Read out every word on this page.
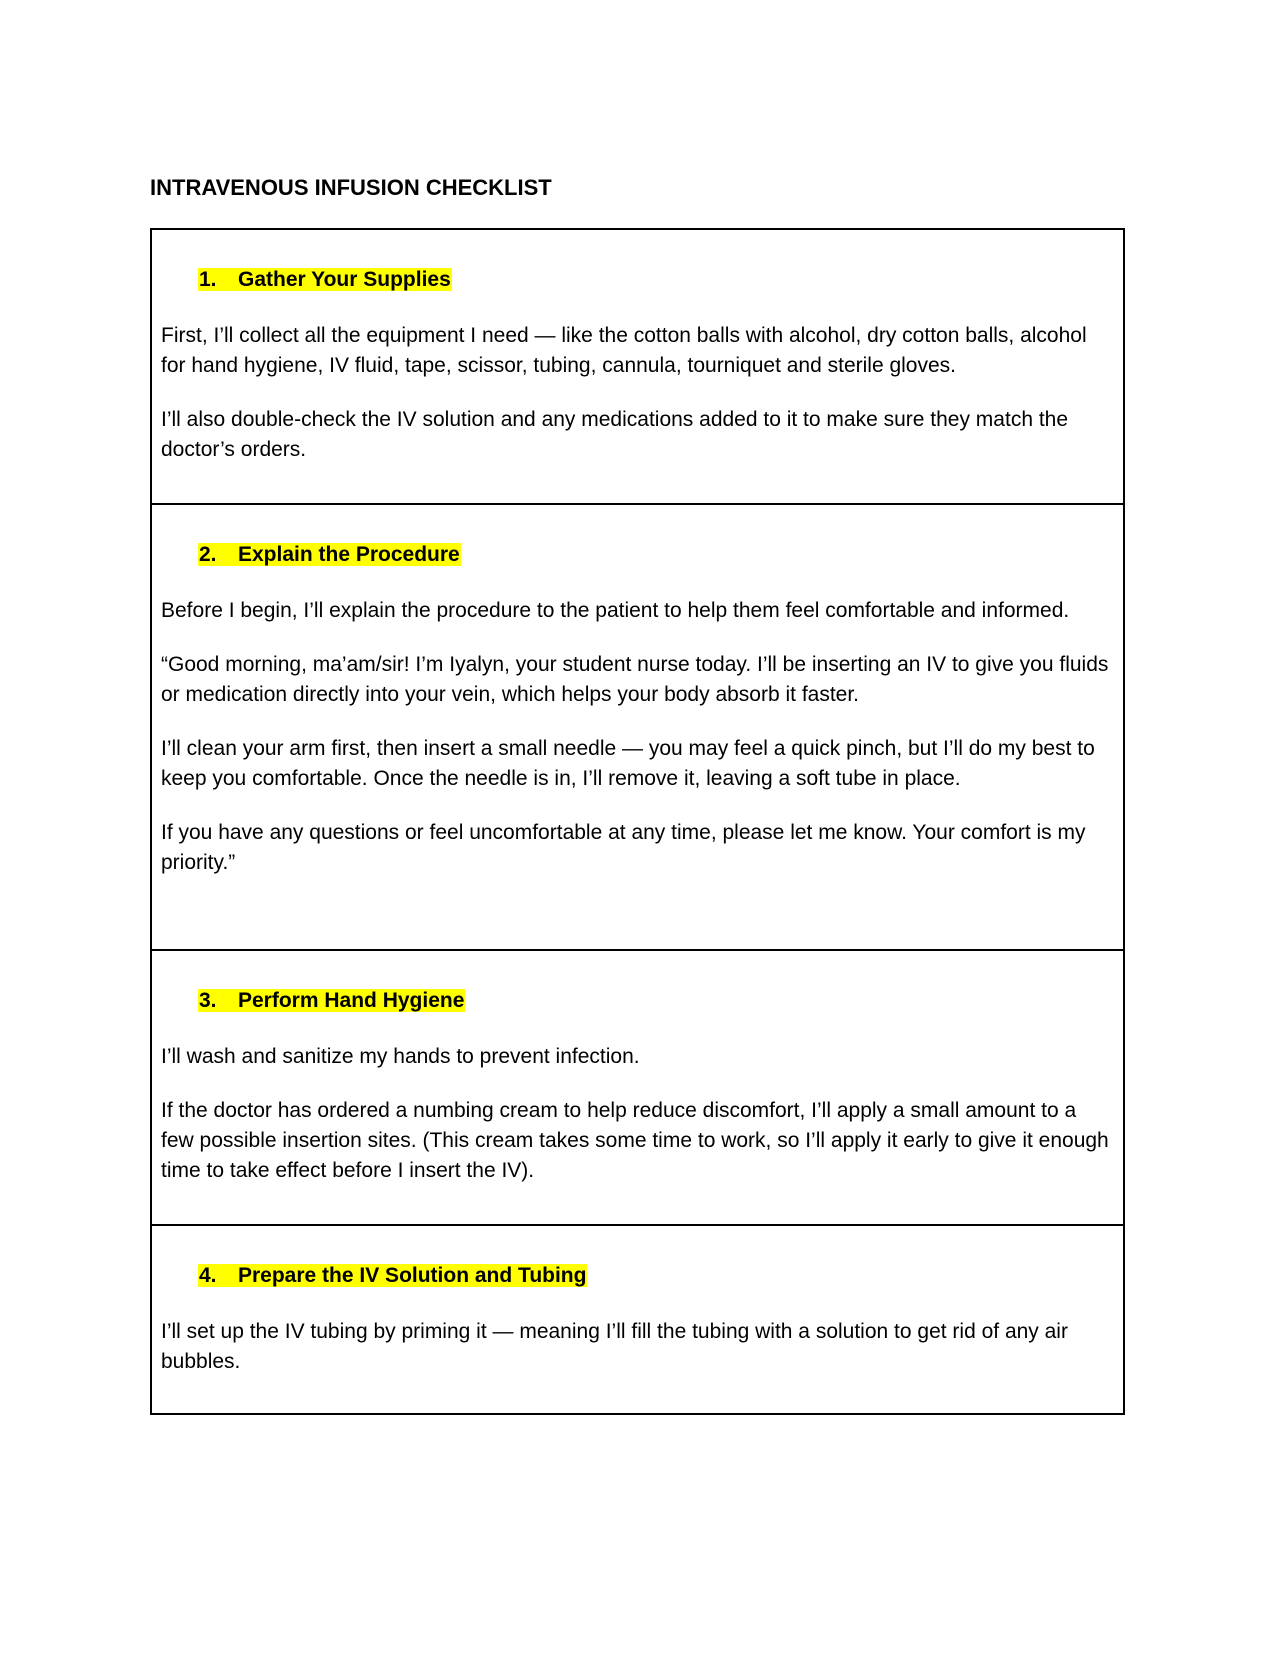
INTRAVENOUS INFUSION CHECKLIST
1. Gather Your Supplies

First, I’ll collect all the equipment I need — like the cotton balls with alcohol, dry cotton balls, alcohol for hand hygiene, IV fluid, tape, scissor, tubing, cannula, tourniquet and sterile gloves.

I’ll also double-check the IV solution and any medications added to it to make sure they match the doctor’s orders.

2. Explain the Procedure

Before I begin, I’ll explain the procedure to the patient to help them feel comfortable and informed.

“Good morning, ma’am/sir! I’m Iyalyn, your student nurse today. I’ll be inserting an IV to give you fluids or medication directly into your vein, which helps your body absorb it faster.

I’ll clean your arm first, then insert a small needle — you may feel a quick pinch, but I’ll do my best to keep you comfortable. Once the needle is in, I’ll remove it, leaving a soft tube in place.

If you have any questions or feel uncomfortable at any time, please let me know. Your comfort is my priority.”

3. Perform Hand Hygiene

I’ll wash and sanitize my hands to prevent infection.

If the doctor has ordered a numbing cream to help reduce discomfort, I’ll apply a small amount to a few possible insertion sites. (This cream takes some time to work, so I’ll apply it early to give it enough time to take effect before I insert the IV).

4. Prepare the IV Solution and Tubing

I’ll set up the IV tubing by priming it — meaning I’ll fill the tubing with a solution to get rid of any air bubbles.
